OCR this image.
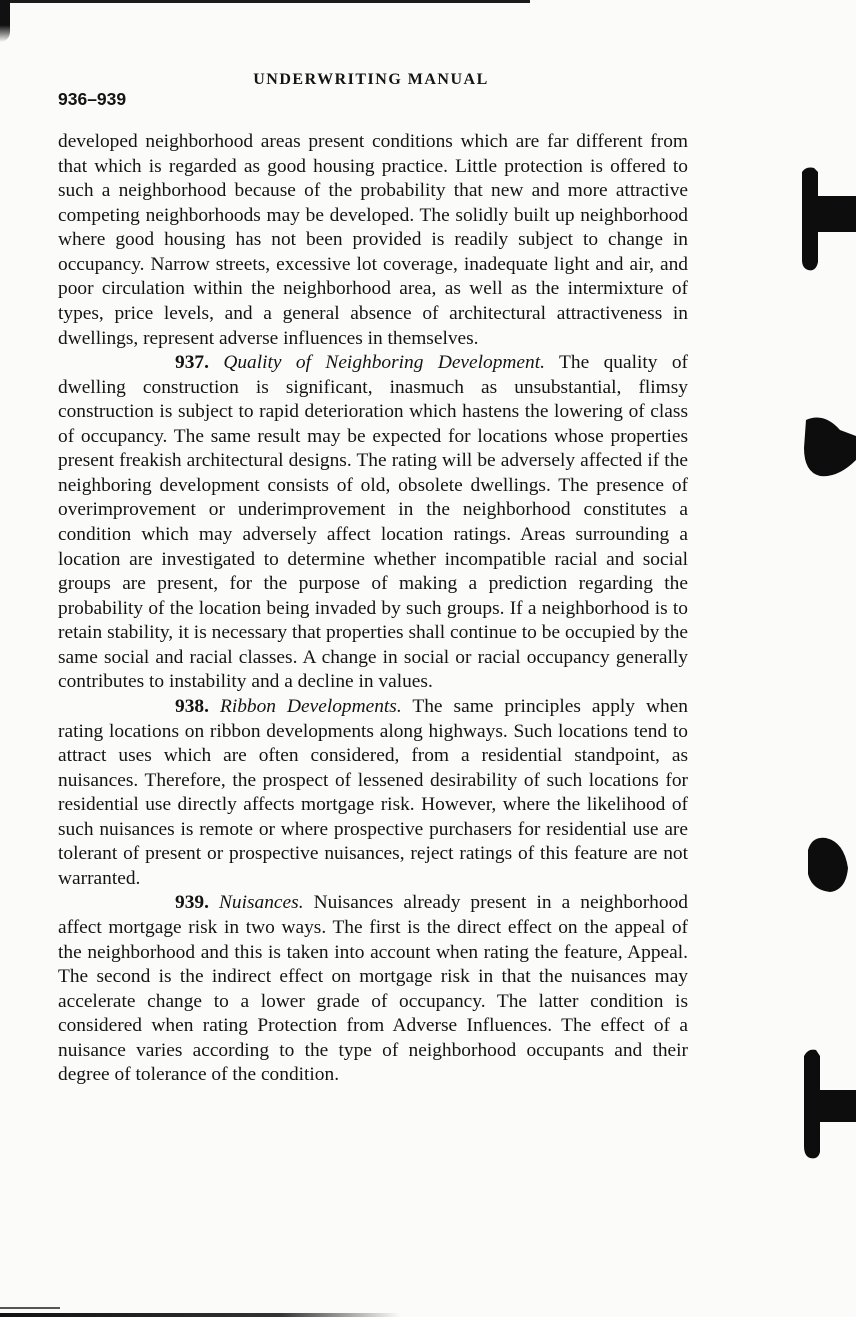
UNDERWRITING MANUAL
936–939

developed neighborhood areas present conditions which are far different from that which is regarded as good housing practice. Little protection is offered to such a neighborhood because of the probability that new and more attractive competing neighborhoods may be developed. The solidly built up neighborhood where good housing has not been provided is readily subject to change in occupancy. Narrow streets, excessive lot coverage, inadequate light and air, and poor circulation within the neighborhood area, as well as the intermixture of types, price levels, and a general absence of architectural attractiveness in dwellings, represent adverse influences in themselves.

937. Quality of Neighboring Development. The quality of dwelling construction is significant, inasmuch as unsubstantial, flimsy construction is subject to rapid deterioration which hastens the lowering of class of occupancy. The same result may be expected for locations whose properties present freakish architectural designs. The rating will be adversely affected if the neighboring development consists of old, obsolete dwellings. The presence of overimprovement or underimprovement in the neighborhood constitutes a condition which may adversely affect location ratings. Areas surrounding a location are investigated to determine whether incompatible racial and social groups are present, for the purpose of making a prediction regarding the probability of the location being invaded by such groups. If a neighborhood is to retain stability, it is necessary that properties shall continue to be occupied by the same social and racial classes. A change in social or racial occupancy generally contributes to instability and a decline in values.

938. Ribbon Developments. The same principles apply when rating locations on ribbon developments along highways. Such locations tend to attract uses which are often considered, from a residential standpoint, as nuisances. Therefore, the prospect of lessened desirability of such locations for residential use directly affects mortgage risk. However, where the likelihood of such nuisances is remote or where prospective purchasers for residential use are tolerant of present or prospective nuisances, reject ratings of this feature are not warranted.

939. Nuisances. Nuisances already present in a neighborhood affect mortgage risk in two ways. The first is the direct effect on the appeal of the neighborhood and this is taken into account when rating the feature, Appeal. The second is the indirect effect on mortgage risk in that the nuisances may accelerate change to a lower grade of occupancy. The latter condition is considered when rating Protection from Adverse Influences. The effect of a nuisance varies according to the type of neighborhood occupants and their degree of tolerance of the condition.
